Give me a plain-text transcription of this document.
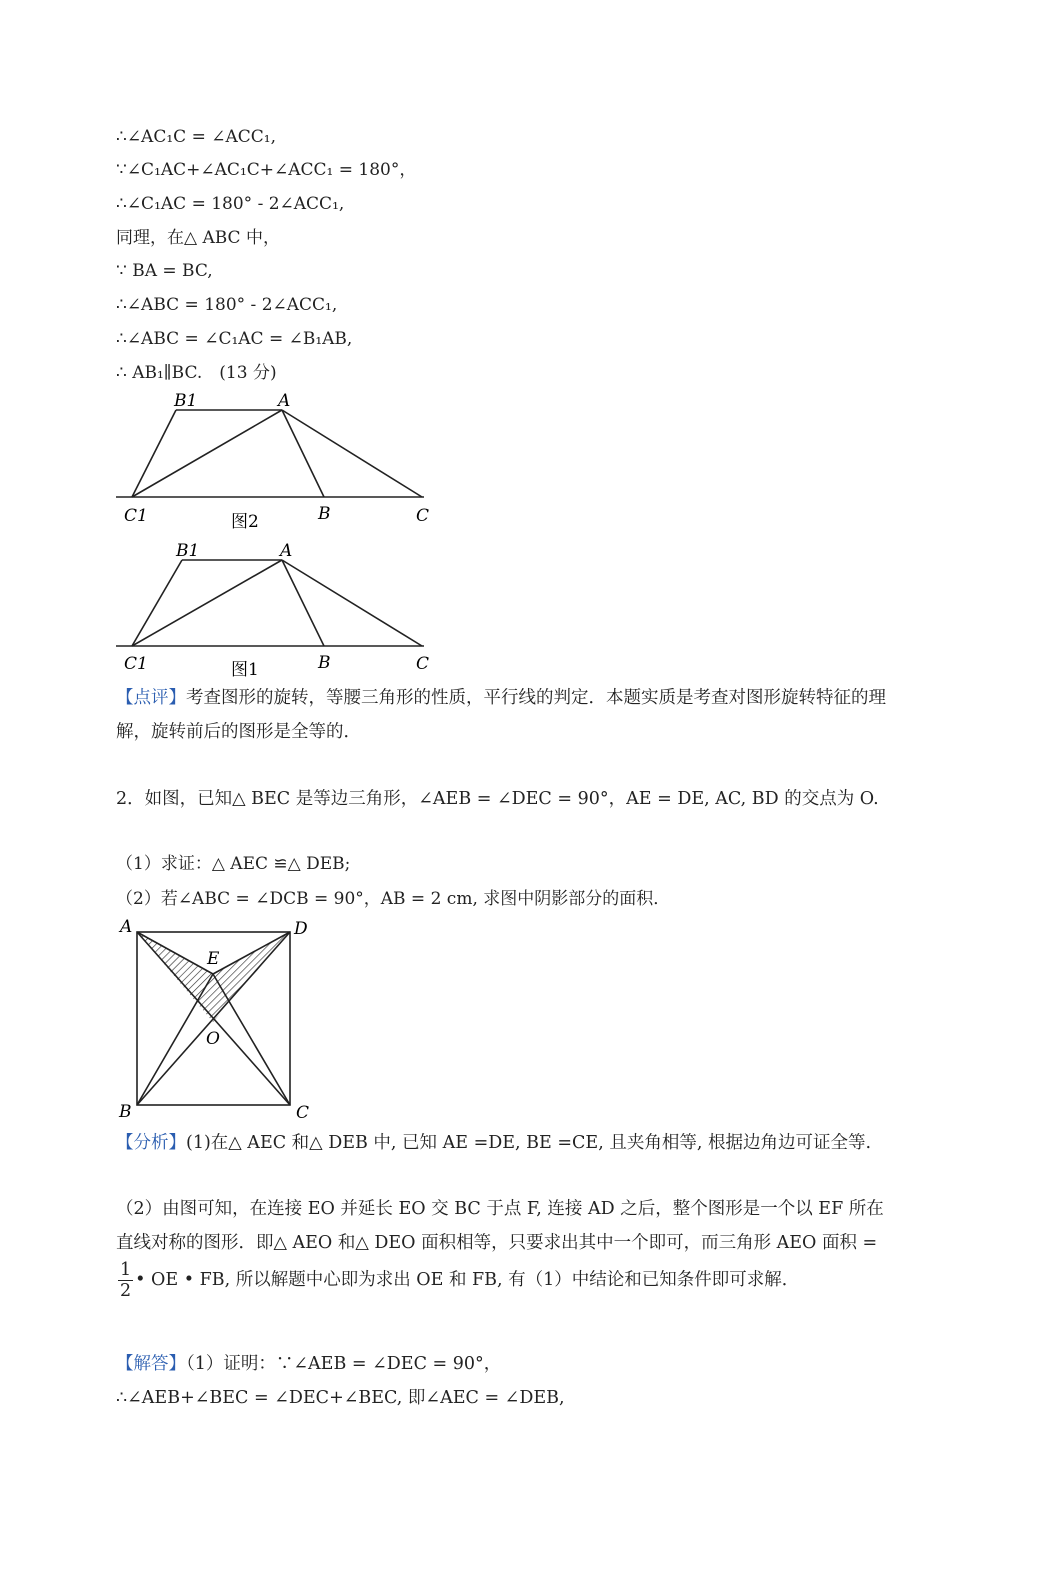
∴∠AC₁C = ∠ACC₁,
∵∠C₁AC+∠AC₁C+∠ACC₁ = 180°，
∴∠C₁AC = 180° - 2∠ACC₁,
同理，在△ ABC 中，
∵ BA = BC,
∴∠ABC = 180° - 2∠ACC₁,
∴∠ABC = ∠C₁AC = ∠B₁AB,
∴ AB₁∥BC.　(13 分)
B1	A
C1	B	C
图2
B1	A
C1	B	C
图1
【点评】考查图形的旋转，等腰三角形的性质，平行线的判定．本题实质是考查对图形旋转特征的理解，旋转前后的图形是全等的．
2．如图，已知△ BEC 是等边三角形，∠AEB = ∠DEC = 90°，AE = DE, AC, BD 的交点为 O.
（1）求证：△ AEC ≌△ DEB;
（2）若∠ABC = ∠DCB = 90°，AB = 2 cm, 求图中阴影部分的面积．
A	D
E
O
B	C
【分析】(1)在△ AEC 和△ DEB 中, 已知 AE =DE, BE =CE, 且夹角相等, 根据边角边可证全等.
（2）由图可知，在连接 EO 并延长 EO 交 BC 于点 F, 连接 AD 之后，整个图形是一个以 EF 所在直线对称的图形．即△ AEO 和△ DEO 面积相等，只要求出其中一个即可，而三角形 AEO 面积 =
$\frac{1}{2}$ • OE • FB, 所以解题中心即为求出 OE 和 FB, 有（1）中结论和已知条件即可求解．
【解答】（1）证明：∵∠AEB = ∠DEC = 90°，
∴∠AEB+∠BEC = ∠DEC+∠BEC, 即∠AEC = ∠DEB,
